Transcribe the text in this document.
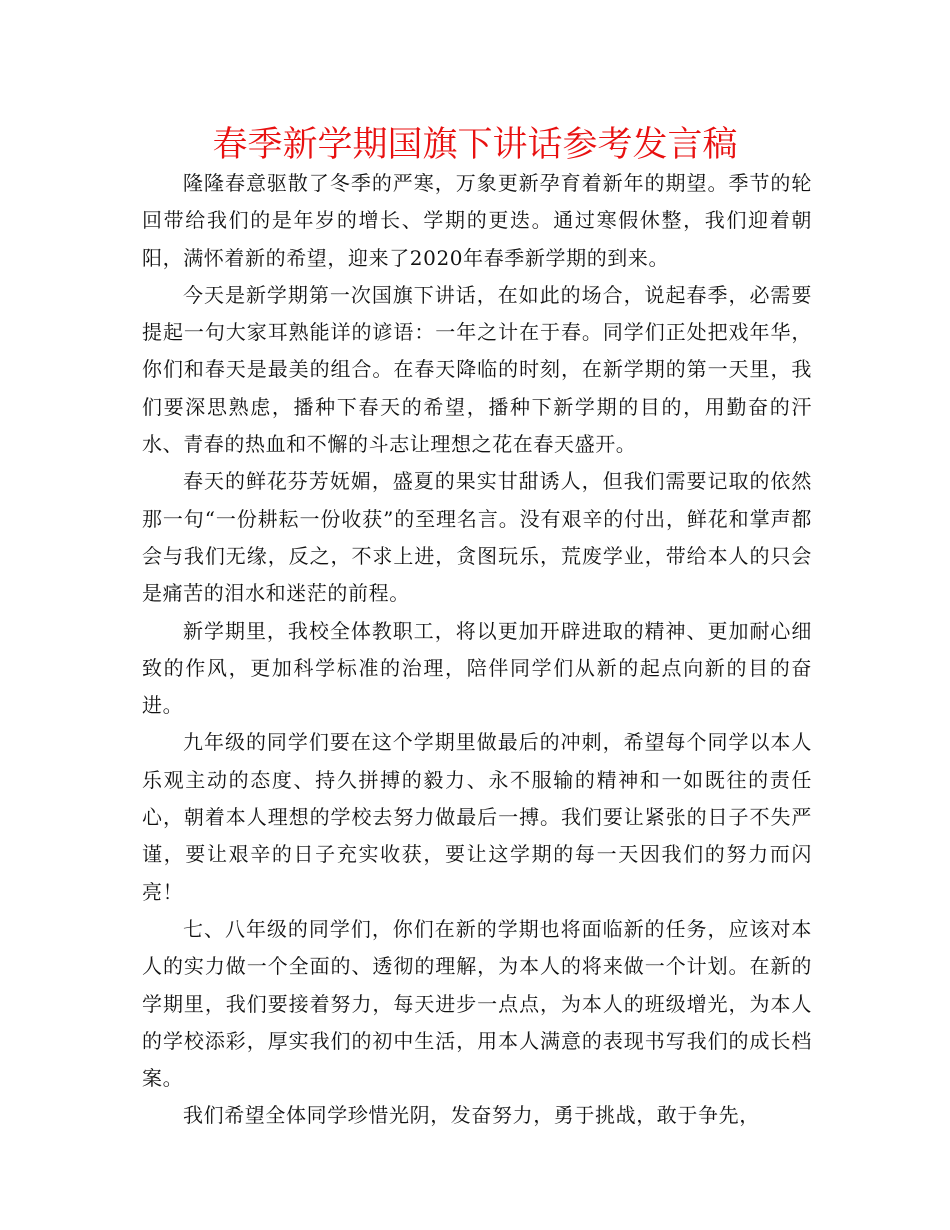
春季新学期国旗下讲话参考发言稿

隆隆春意驱散了冬季的严寒，万象更新孕育着新年的期望。季节的轮回带给我们的是年岁的增长、学期的更迭。通过寒假休整，我们迎着朝阳，满怀着新的希望，迎来了2020年春季新学期的到来。

今天是新学期第一次国旗下讲话，在如此的场合，说起春季，必需要提起一句大家耳熟能详的谚语：一年之计在于春。同学们正处把戏年华，你们和春天是最美的组合。在春天降临的时刻，在新学期的第一天里，我们要深思熟虑，播种下春天的希望，播种下新学期的目的，用勤奋的汗水、青春的热血和不懈的斗志让理想之花在春天盛开。

春天的鲜花芬芳妩媚，盛夏的果实甘甜诱人，但我们需要记取的依然那一句“一份耕耘一份收获”的至理名言。没有艰辛的付出，鲜花和掌声都会与我们无缘，反之，不求上进，贪图玩乐，荒废学业，带给本人的只会是痛苦的泪水和迷茫的前程。

新学期里，我校全体教职工，将以更加开辟进取的精神、更加耐心细致的作风，更加科学标准的治理，陪伴同学们从新的起点向新的目的奋进。

九年级的同学们要在这个学期里做最后的冲刺，希望每个同学以本人乐观主动的态度、持久拼搏的毅力、永不服输的精神和一如既往的责任心，朝着本人理想的学校去努力做最后一搏。我们要让紧张的日子不失严谨，要让艰辛的日子充实收获，要让这学期的每一天因我们的努力而闪亮！

七、八年级的同学们，你们在新的学期也将面临新的任务，应该对本人的实力做一个全面的、透彻的理解，为本人的将来做一个计划。在新的学期里，我们要接着努力，每天进步一点点，为本人的班级增光，为本人的学校添彩，厚实我们的初中生活，用本人满意的表现书写我们的成长档案。

我们希望全体同学珍惜光阴，发奋努力，勇于挑战，敢于争先，
